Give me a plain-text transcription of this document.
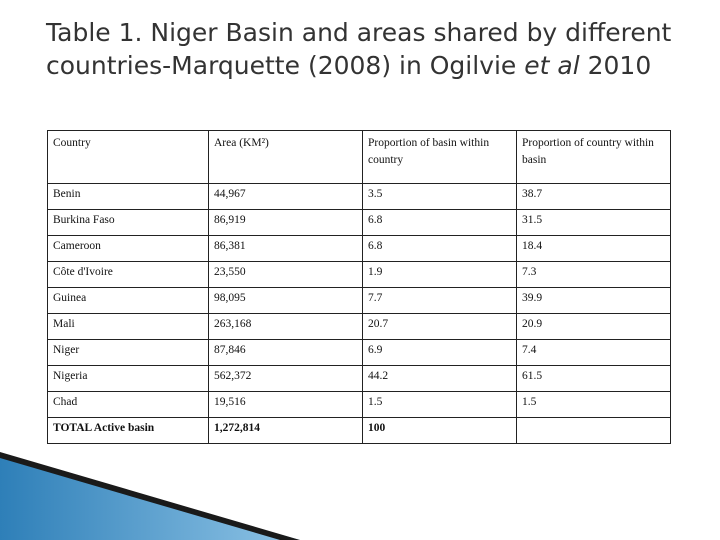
Table 1. Niger Basin and areas shared by different countries-Marquette (2008) in Ogilvie et al 2010
Country	Area (KM²)	Proportion of basin within country	Proportion of country within basin
Benin	44,967	3.5	38.7
Burkina Faso	86,919	6.8	31.5
Cameroon	86,381	6.8	18.4
Côte d'Ivoire	23,550	1.9	7.3
Guinea	98,095	7.7	39.9
Mali	263,168	20.7	20.9
Niger	87,846	6.9	7.4
Nigeria	562,372	44.2	61.5
Chad	19,516	1.5	1.5
TOTAL Active basin	1,272,814	100	
